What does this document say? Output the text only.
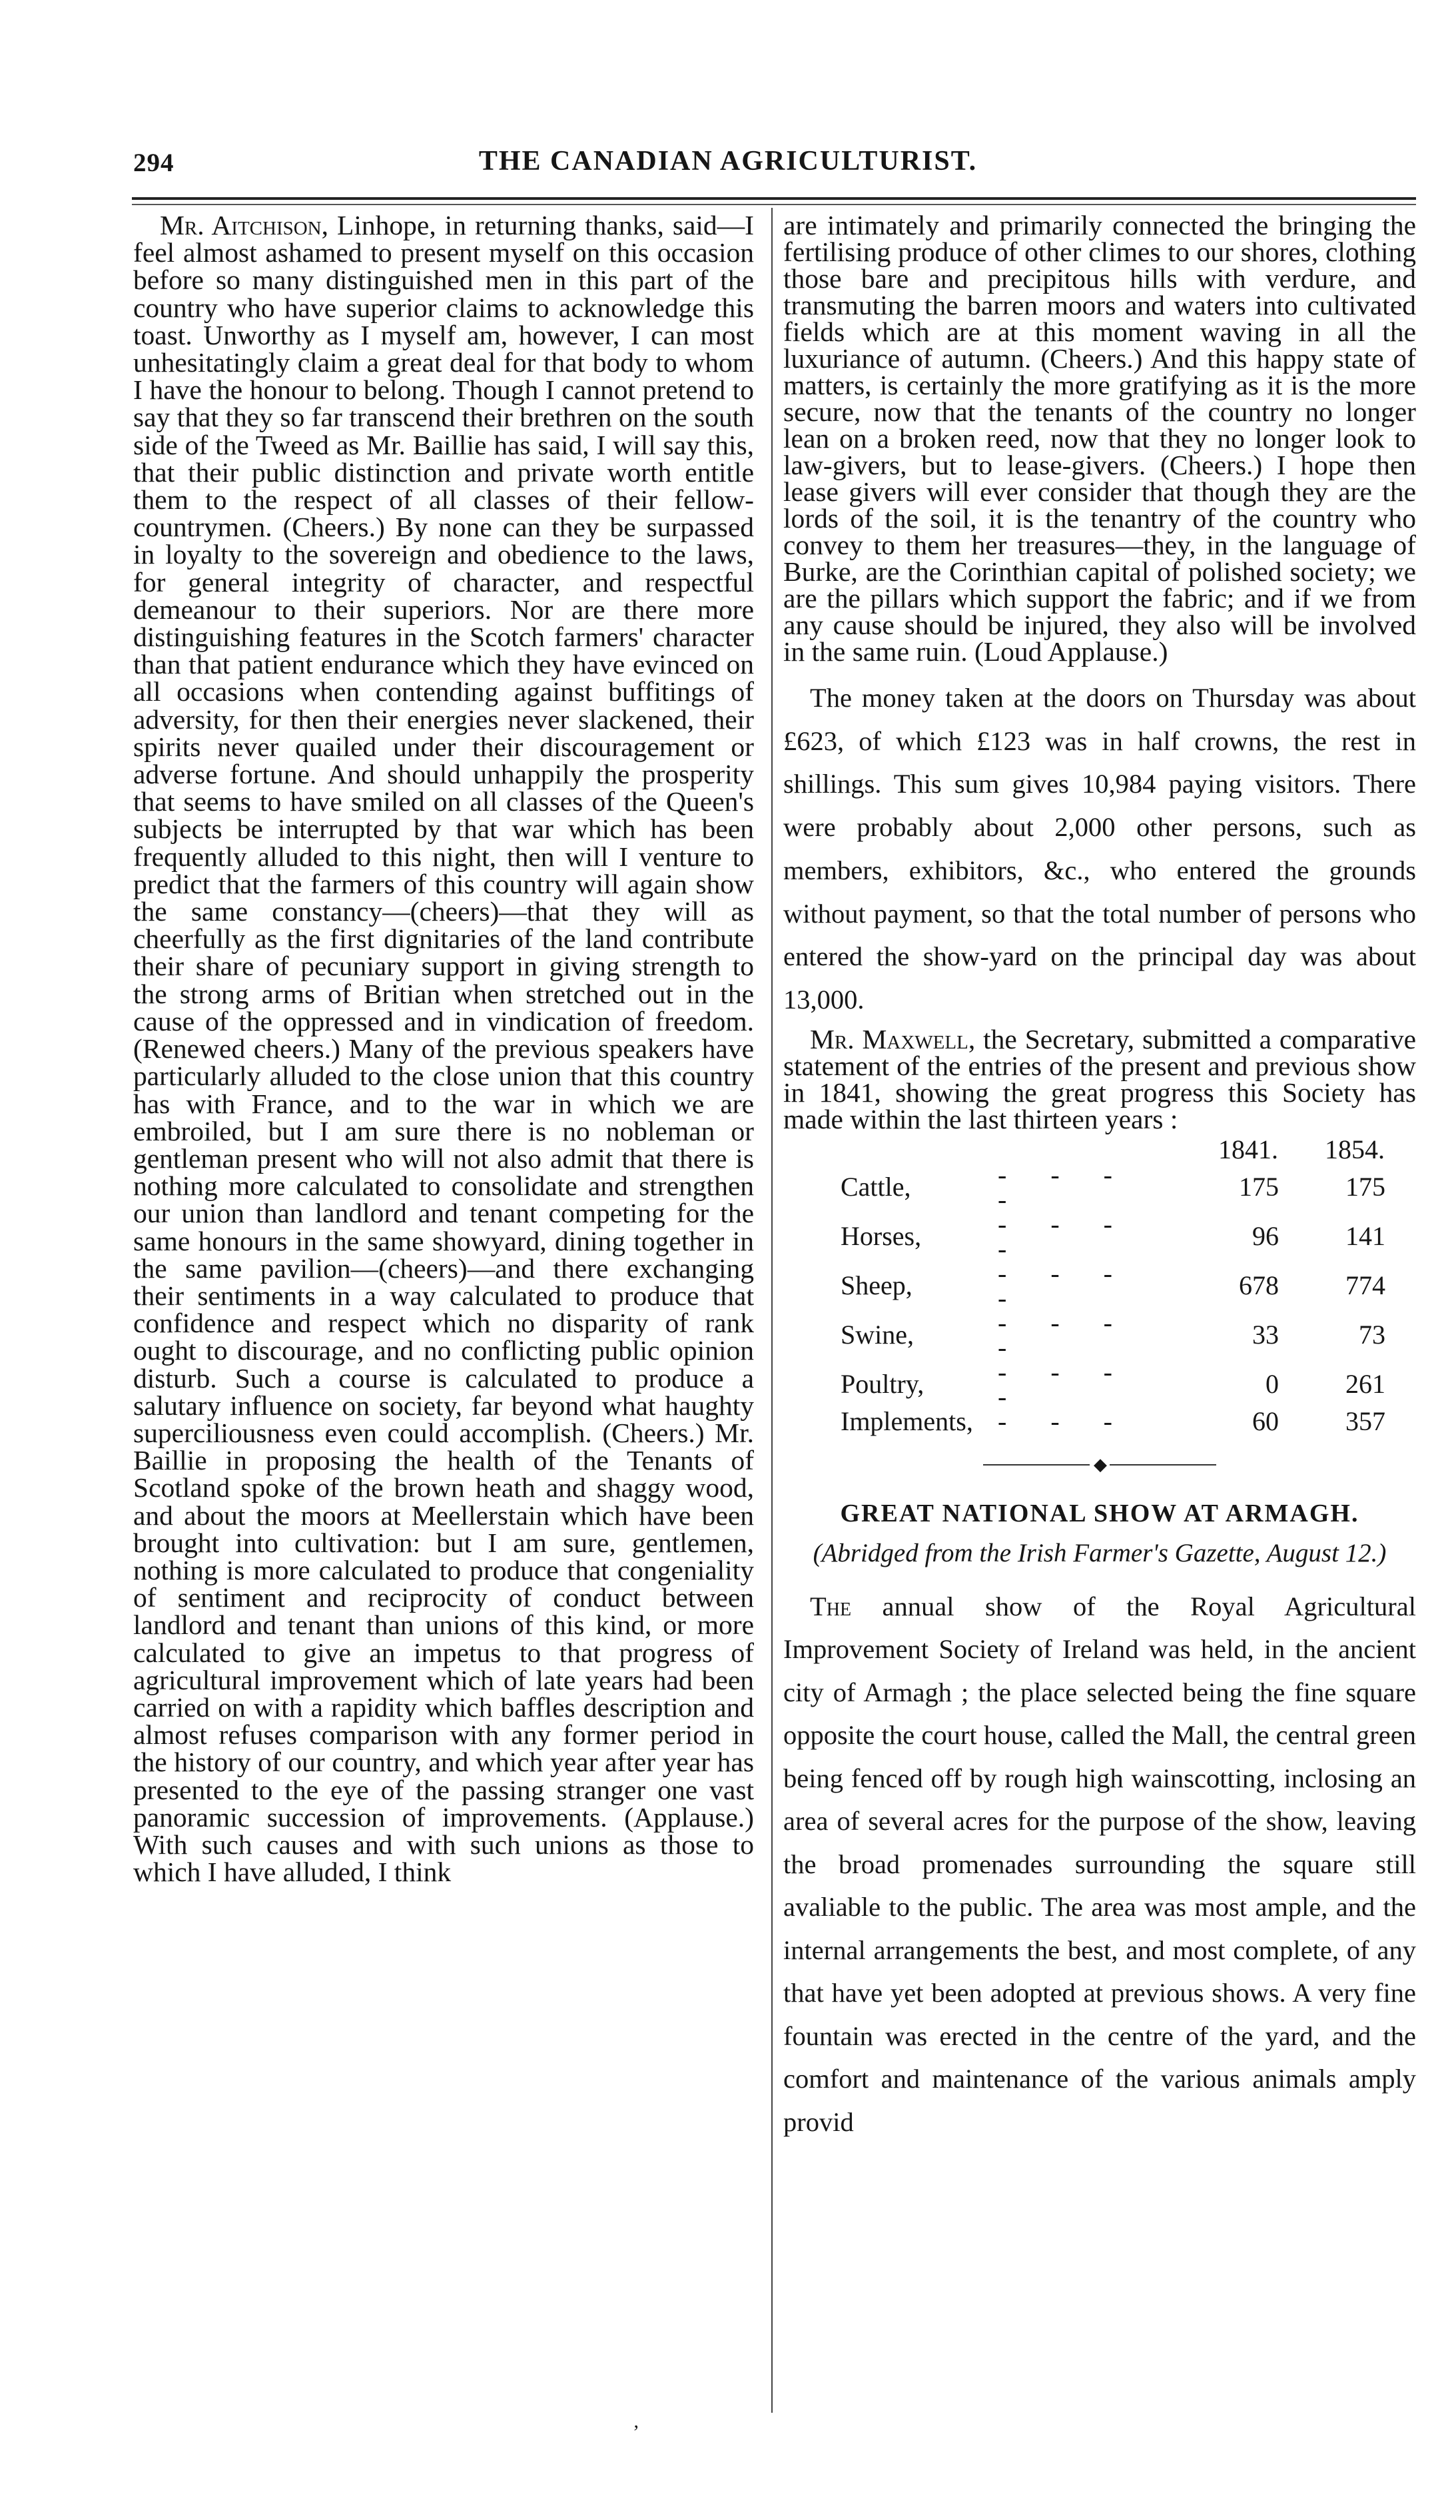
294	THE CANADIAN AGRICULTURIST.

Mr. Aitchison, Linhope, in returning thanks, said—I feel almost ashamed to present myself on this occasion before so many distinguished men in this part of the country who have superior claims to acknowledge this toast. Unworthy as I myself am, however, I can most unhesitatingly claim a great deal for that body to whom I have the honour to belong. Though I cannot pretend to say that they so far transcend their brethren on the south side of the Tweed as Mr. Baillie has said, I will say this, that their public distinction and private worth entitle them to the respect of all classes of their fellow-countrymen. (Cheers.) By none can they be surpassed in loyalty to the sovereign and obedience to the laws, for general integrity of character, and respectful demeanour to their superiors. Nor are there more distinguishing features in the Scotch farmers' character than that patient endurance which they have evinced on all occasions when contending against buffitings of adversity, for then their energies never slackened, their spirits never quailed under their discouragement or adverse fortune. And should unhappily the prosperity that seems to have smiled on all classes of the Queen's subjects be interrupted by that war which has been frequently alluded to this night, then will I venture to predict that the farmers of this country will again show the same constancy—(cheers)—that they will as cheerfully as the first dignitaries of the land contribute their share of pecuniary support in giving strength to the strong arms of Britian when stretched out in the cause of the oppressed and in vindication of freedom. (Renewed cheers.) Many of the previous speakers have particularly alluded to the close union that this country has with France, and to the war in which we are embroiled, but I am sure there is no nobleman or gentleman present who will not also admit that there is nothing more calculated to consolidate and strengthen our union than landlord and tenant competing for the same honours in the same showyard, dining together in the same pavilion—(cheers)—and there exchanging their sentiments in a way calculated to produce that confidence and respect which no disparity of rank ought to discourage, and no conflicting public opinion disturb. Such a course is calculated to produce a salutary influence on society, far beyond what haughty superciliousness even could accomplish. (Cheers.) Mr. Baillie in proposing the health of the Tenants of Scotland spoke of the brown heath and shaggy wood, and about the moors at Meellerstain which have been brought into cultivation: but I am sure, gentlemen, nothing is more calculated to produce that congeniality of sentiment and reciprocity of conduct between landlord and tenant than unions of this kind, or more calculated to give an impetus to that progress of agricultural improvement which of late years had been carried on with a rapidity which baffles description and almost refuses comparison with any former period in the history of our country, and which year after year has presented to the eye of the passing stranger one vast panoramic succession of improvements. (Applause.) With such causes and with such unions as those to which I have alluded, I think

are intimately and primarily connected the bringing the fertilising produce of other climes to our shores, clothing those bare and precipitous hills with verdure, and transmuting the barren moors and waters into cultivated fields which are at this moment waving in all the luxuriance of autumn. (Cheers.) And this happy state of matters, is certainly the more gratifying as it is the more secure, now that the tenants of the country no longer lean on a broken reed, now that they no longer look to law-givers, but to lease-givers. (Cheers.) I hope then lease givers will ever consider that though they are the lords of the soil, it is the tenantry of the country who convey to them her treasures—they, in the language of Burke, are the Corinthian capital of polished society; we are the pillars which support the fabric; and if we from any cause should be injured, they also will be involved in the same ruin. (Loud Applause.)

The money taken at the doors on Thursday was about £623, of which £123 was in half crowns, the rest in shillings. This sum gives 10,984 paying visitors. There were probably about 2,000 other persons, such as members, exhibitors, &c., who entered the grounds without payment, so that the total number of persons who entered the show-yard on the principal day was about 13,000.

Mr. Maxwell, the Secretary, submitted a comparative statement of the entries of the present and previous show in 1841, showing the great progress this Society has made within the last thirteen years :

		1841.	1854.
Cattle,	- - - -	175	175
Horses,	- - - -	96	141
Sheep,	- - - -	678	774
Swine,	- - - -	33	73
Poultry,	- - - -	0	261
Implements,	- - -	60	357
◆
GREAT NATIONAL SHOW AT ARMAGH.
(Abridged from the Irish Farmer's Gazette, August 12.)

The annual show of the Royal Agricultural Improvement Society of Ireland was held, in the ancient city of Armagh ; the place selected being the fine square opposite the court house, called the Mall, the central green being fenced off by rough high wainscotting, inclosing an area of several acres for the purpose of the show, leaving the broad promenades surrounding the square still avaliable to the public. The area was most ample, and the internal arrangements the best, and most complete, of any that have yet been adopted at previous shows. A very fine fountain was erected in the centre of the yard, and the comfort and maintenance of the various animals amply provid

‚
